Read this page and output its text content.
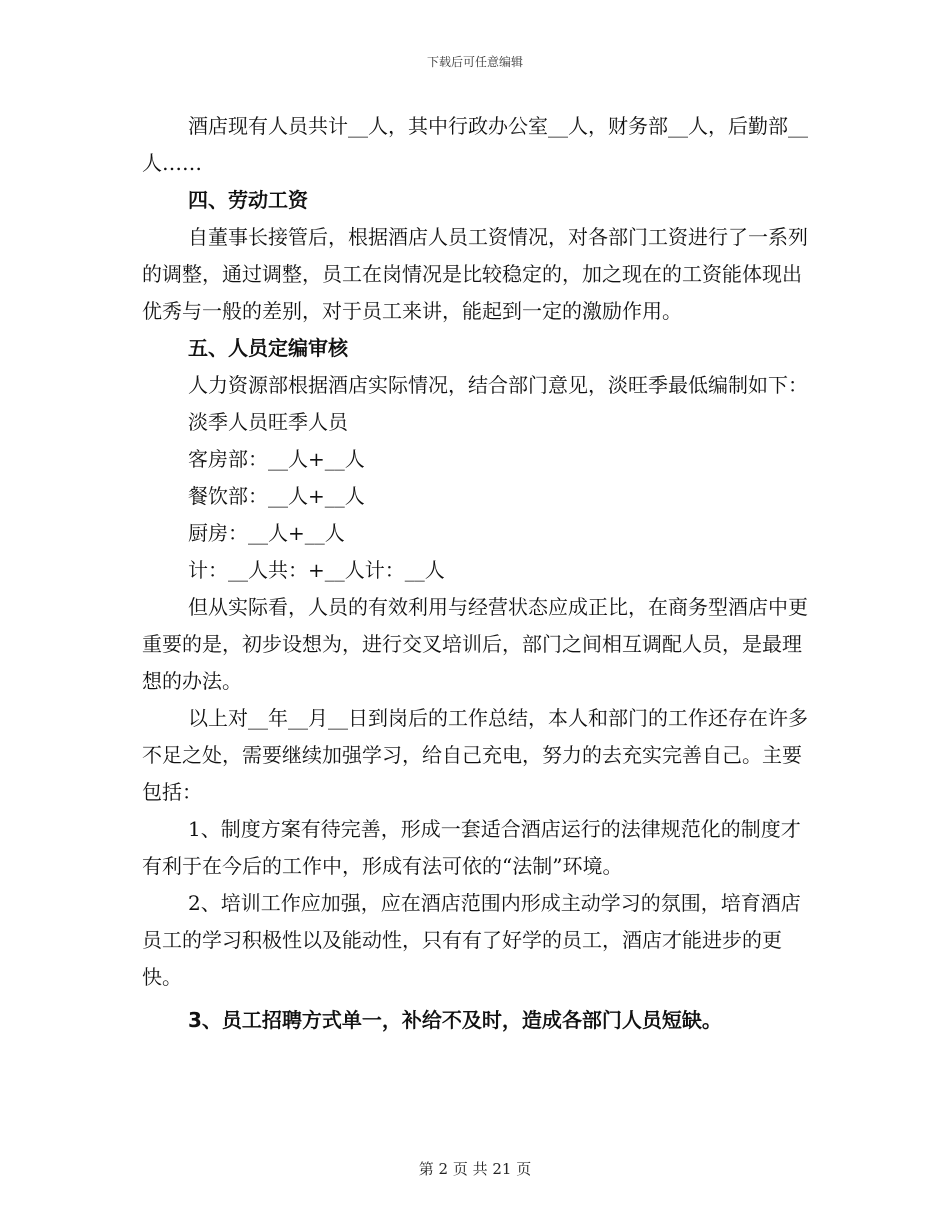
下载后可任意编辑

酒店现有人员共计__人，其中行政办公室__人，财务部__人，后勤部__人……

四、劳动工资

自董事长接管后，根据酒店人员工资情况，对各部门工资进行了一系列的调整，通过调整，员工在岗情况是比较稳定的，加之现在的工资能体现出优秀与一般的差别，对于员工来讲，能起到一定的激励作用。

五、人员定编审核

人力资源部根据酒店实际情况，结合部门意见，淡旺季最低编制如下：

淡季人员旺季人员

客房部：__人+__人

餐饮部：__人+__人

厨房：__人+__人

计：__人共：+__人计：__人

但从实际看，人员的有效利用与经营状态应成正比，在商务型酒店中更重要的是，初步设想为，进行交叉培训后，部门之间相互调配人员，是最理想的办法。

以上对__年__月__日到岗后的工作总结，本人和部门的工作还存在许多不足之处，需要继续加强学习，给自己充电，努力的去充实完善自己。主要包括：

1、制度方案有待完善，形成一套适合酒店运行的法律规范化的制度才有利于在今后的工作中，形成有法可依的“法制”环境。

2、培训工作应加强，应在酒店范围内形成主动学习的氛围，培育酒店员工的学习积极性以及能动性，只有有了好学的员工，酒店才能进步的更快。

3、员工招聘方式单一，补给不及时，造成各部门人员短缺。

第 2 页 共 21 页
